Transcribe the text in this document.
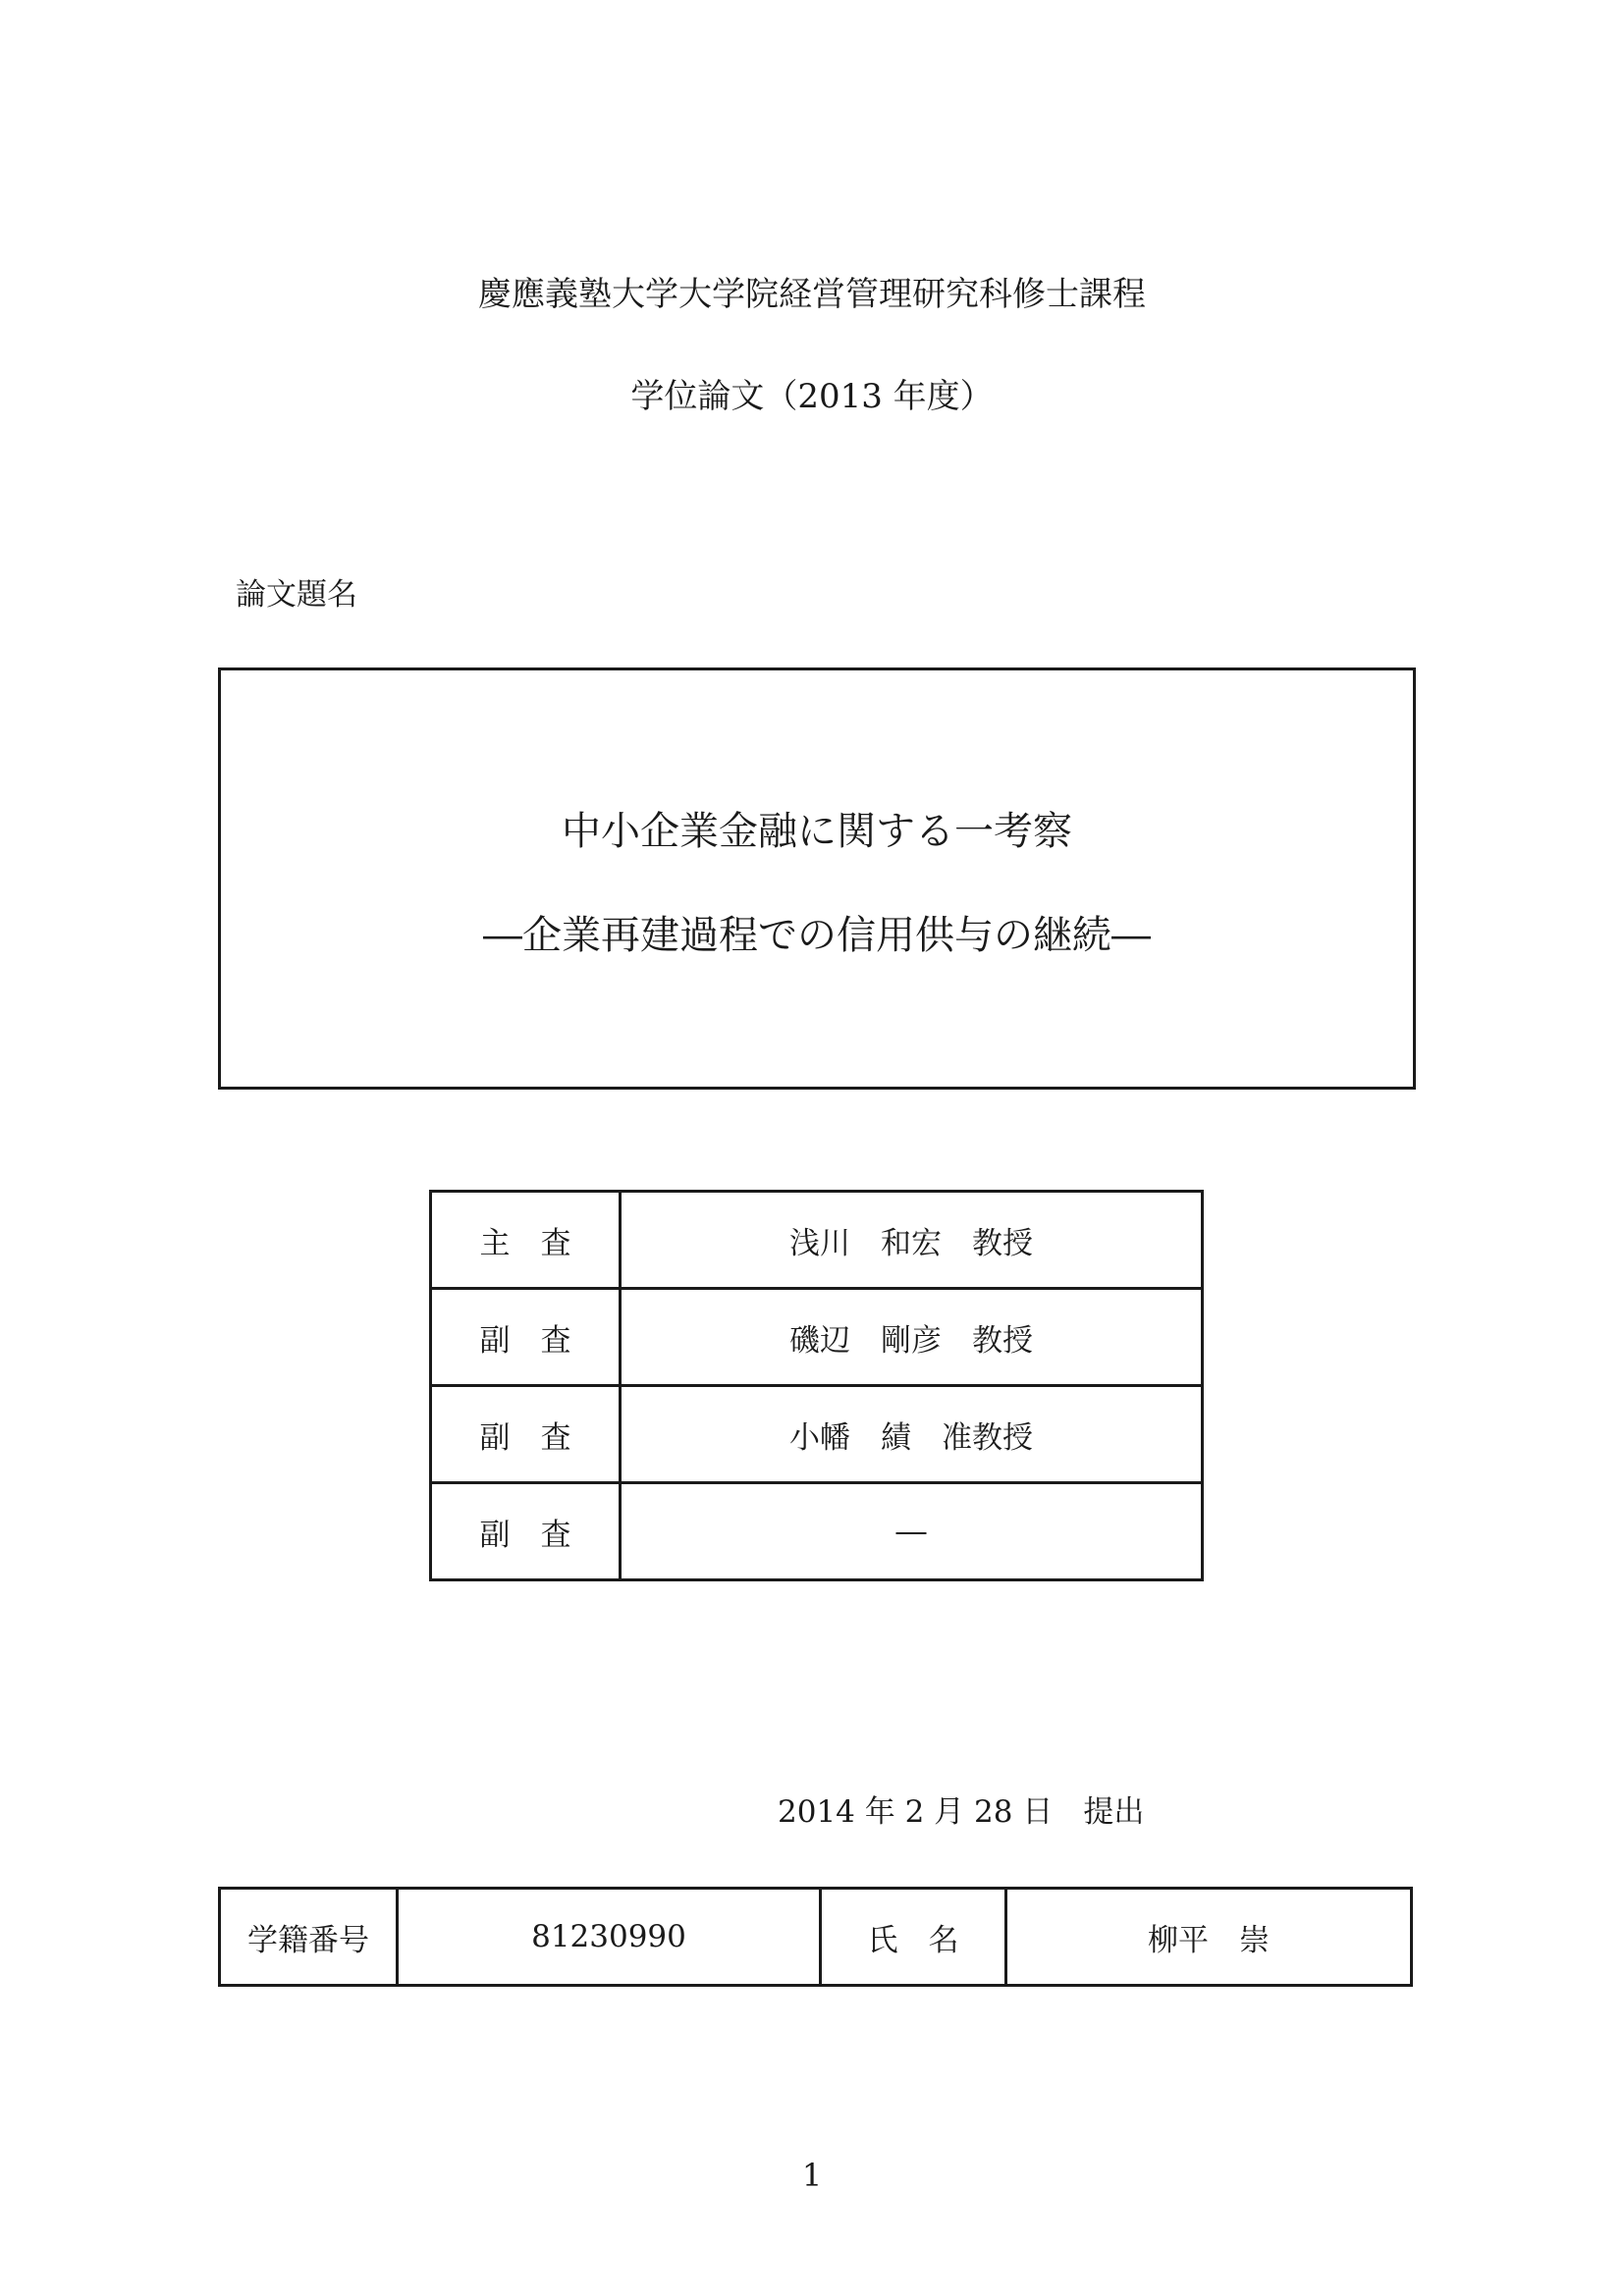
慶應義塾大学大学院経営管理研究科修士課程
学位論文（2013 年度）
論文題名
中小企業金融に関する一考察
―企業再建過程での信用供与の継続―
主　査	浅川　和宏　教授
副　査	磯辺　剛彦　教授
副　査	小幡　績　准教授
副　査	―
2014 年 2 月 28 日　提出
学籍番号	81230990	氏　名	柳平　崇
1
